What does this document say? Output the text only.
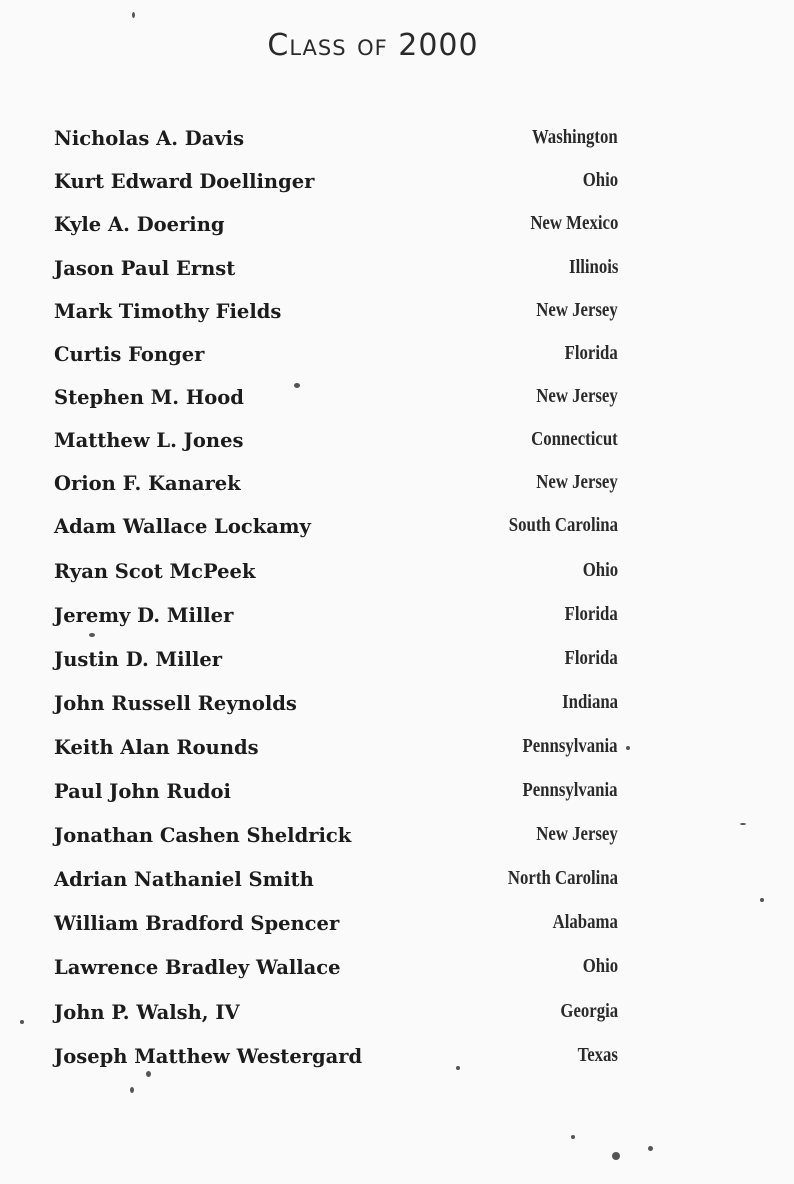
Class of 2000
Nicholas A. Davis	Washington
Kurt Edward Doellinger	Ohio
Kyle A. Doering	New Mexico
Jason Paul Ernst	Illinois
Mark Timothy Fields	New Jersey
Curtis Fonger	Florida
Stephen M. Hood	New Jersey
Matthew L. Jones	Connecticut
Orion F. Kanarek	New Jersey
Adam Wallace Lockamy	South Carolina
Ryan Scot McPeek	Ohio
Jeremy D. Miller	Florida
Justin D. Miller	Florida
John Russell Reynolds	Indiana
Keith Alan Rounds	Pennsylvania
Paul John Rudoi	Pennsylvania
Jonathan Cashen Sheldrick	New Jersey
Adrian Nathaniel Smith	North Carolina
William Bradford Spencer	Alabama
Lawrence Bradley Wallace	Ohio
John P. Walsh, IV	Georgia
Joseph Matthew Westergard	Texas
